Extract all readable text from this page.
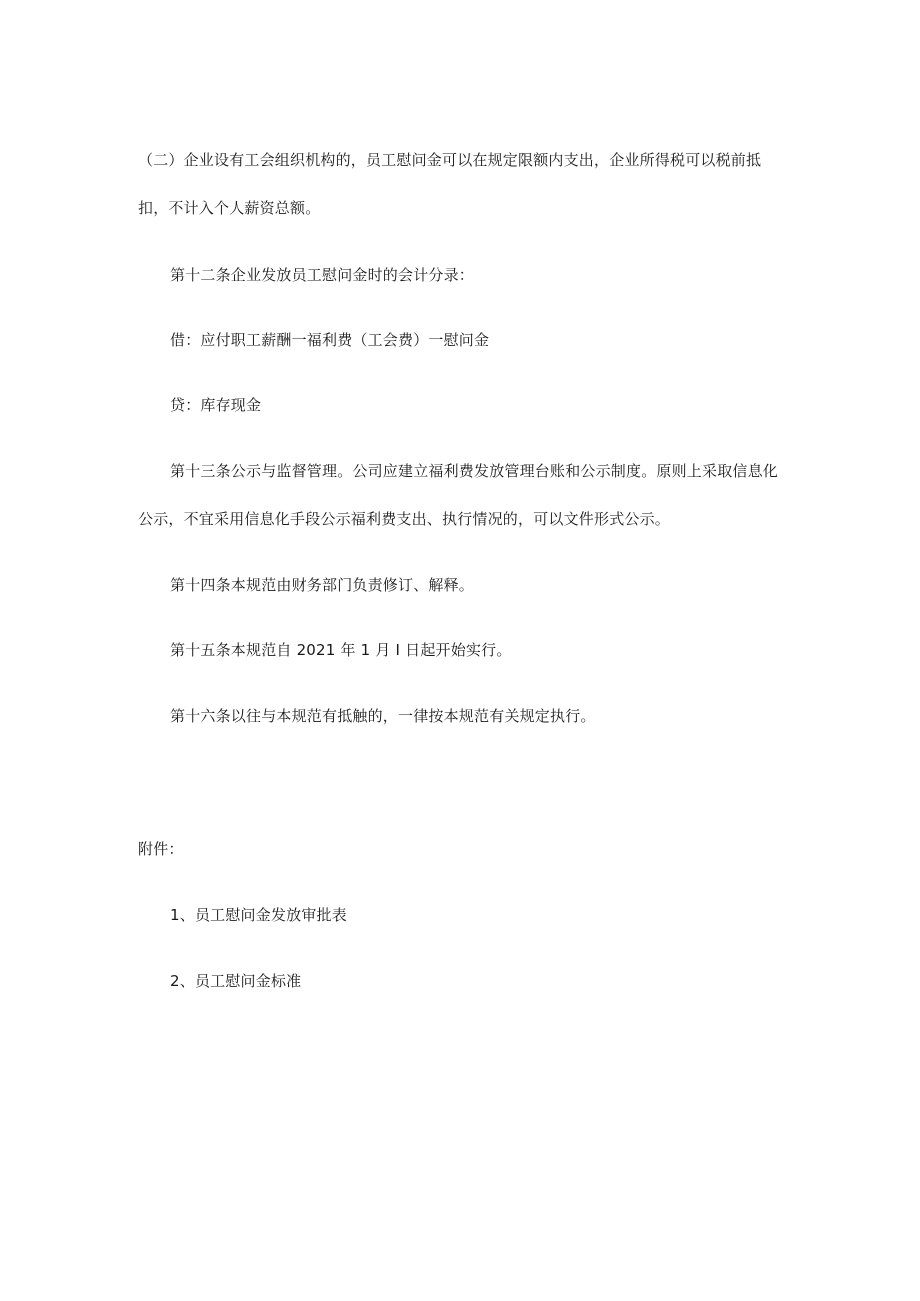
（二）企业设有工会组织机构的，员工慰问金可以在规定限额内支出，企业所得税可以税前抵
扣，不计入个人薪资总额。
第十二条企业发放员工慰问金时的会计分录：
借：应付职工薪酬一福利费（工会费）一慰问金
贷：库存现金
第十三条公示与监督管理。公司应建立福利费发放管理台账和公示制度。原则上采取信息化
公示，不宜采用信息化手段公示福利费支出、执行情况的，可以文件形式公示。
第十四条本规范由财务部门负责修订、解释。
第十五条本规范自 2021 年 1 月 I 日起开始实行。
第十六条以往与本规范有抵触的，一律按本规范有关规定执行。
附件：
1、员工慰问金发放审批表
2、员工慰问金标准
